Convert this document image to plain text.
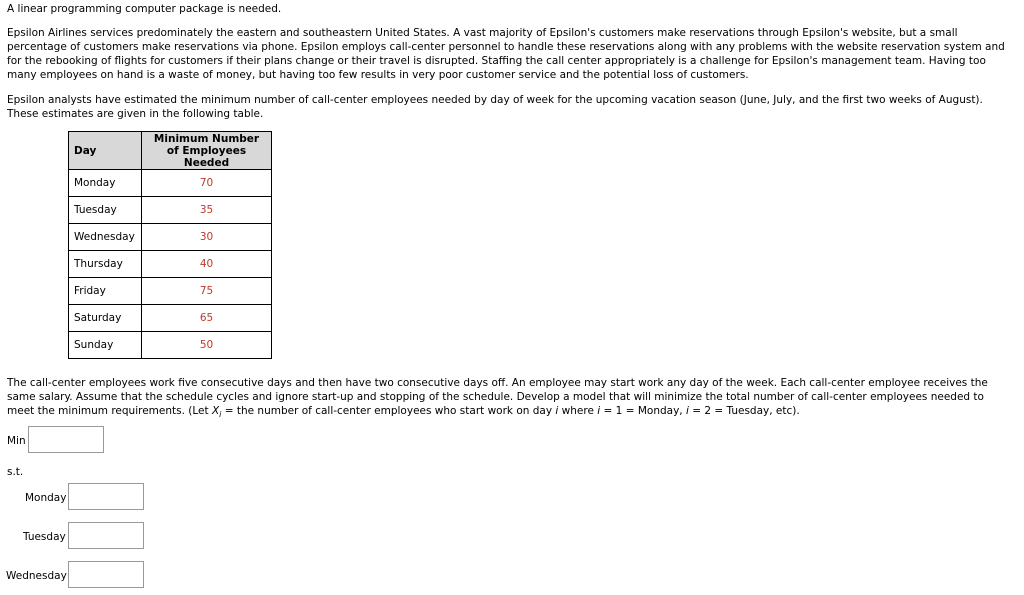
A linear programming computer package is needed.

Epsilon Airlines services predominately the eastern and southeastern United States. A vast majority of Epsilon's customers make reservations through Epsilon's website, but a small percentage of customers make reservations via phone. Epsilon employs call-center personnel to handle these reservations along with any problems with the website reservation system and for the rebooking of flights for customers if their plans change or their travel is disrupted. Staffing the call center appropriately is a challenge for Epsilon's management team. Having too many employees on hand is a waste of money, but having too few results in very poor customer service and the potential loss of customers.

Epsilon analysts have estimated the minimum number of call-center employees needed by day of week for the upcoming vacation season (June, July, and the first two weeks of August). These estimates are given in the following table.

Day	Minimum Number of Employees Needed
Monday	70
Tuesday	35
Wednesday	30
Thursday	40
Friday	75
Saturday	65
Sunday	50

The call-center employees work five consecutive days and then have two consecutive days off. An employee may start work any day of the week. Each call-center employee receives the same salary. Assume that the schedule cycles and ignore start-up and stopping of the schedule. Develop a model that will minimize the total number of call-center employees needed to meet the minimum requirements. (Let $X_i$ = the number of call-center employees who start work on day i where i = 1 = Monday, i = 2 = Tuesday, etc).

Min
s.t.
Monday
Tuesday
Wednesday
